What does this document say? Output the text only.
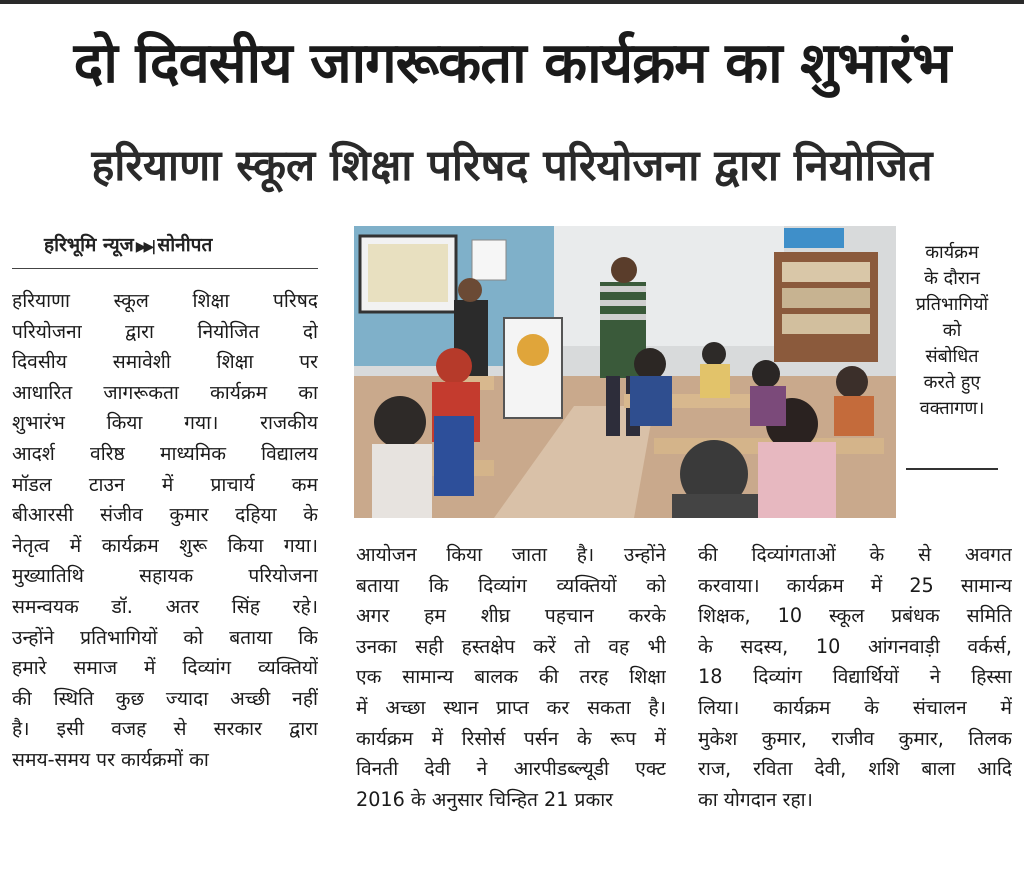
दो दिवसीय जागरूकता कार्यक्रम का शुभारंभ
हरियाणा स्कूल शिक्षा परिषद परियोजना द्वारा नियोजित
हरिभूमि न्यूज ▶▶| सोनीपत
हरियाणा स्कूल शिक्षा परिषद
परियोजना द्वारा नियोजित दो
दिवसीय समावेशी शिक्षा पर
आधारित जागरूकता कार्यक्रम का
शुभारंभ किया गया। राजकीय
आदर्श वरिष्ठ माध्यमिक विद्यालय
मॉडल टाउन में प्राचार्य कम
बीआरसी संजीव कुमार दहिया के
नेतृत्व में कार्यक्रम शुरू किया गया।
मुख्यातिथि सहायक परियोजना
समन्वयक डॉ. अतर सिंह रहे।
उन्होंने प्रतिभागियों को बताया कि
हमारे समाज में दिव्यांग व्यक्तियों
की स्थिति कुछ ज्यादा अच्छी नहीं
है। इसी वजह से सरकार द्वारा
समय-समय पर कार्यक्रमों का
आयोजन किया जाता है। उन्होंने
बताया कि दिव्यांग व्यक्तियों को
अगर हम शीघ्र पहचान करके
उनका सही हस्तक्षेप करें तो वह भी
एक सामान्य बालक की तरह शिक्षा
में अच्छा स्थान प्राप्त कर सकता है।
कार्यक्रम में रिसोर्स पर्सन के रूप में
विनती देवी ने आरपीडब्ल्यूडी एक्ट
2016 के अनुसार चिन्हित 21 प्रकार
की दिव्यांगताओं के से अवगत
करवाया। कार्यक्रम में 25 सामान्य
शिक्षक, 10 स्कूल प्रबंधक समिति
के सदस्य, 10 आंगनवाड़ी वर्कर्स,
18 दिव्यांग विद्यार्थियों ने हिस्सा
लिया। कार्यक्रम के संचालन में
मुकेश कुमार, राजीव कुमार, तिलक
राज, रविता देवी, शशि बाला आदि
का योगदान रहा।
कार्यक्रम
के दौरान
प्रतिभागियों
को
संबोधित
करते हुए
वक्तागण।
